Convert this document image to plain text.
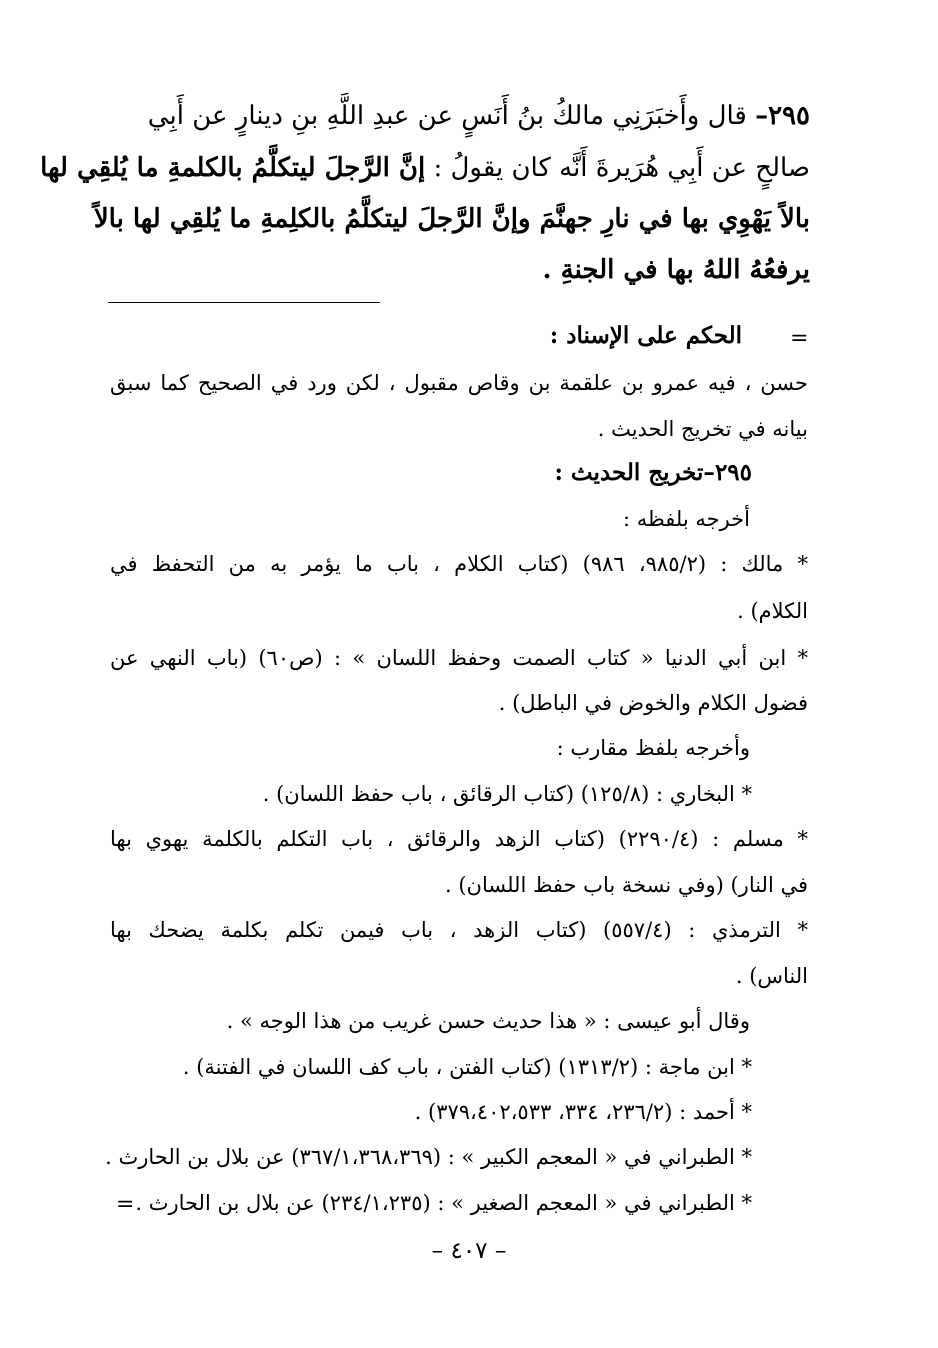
٢٩٥– قال وأَخبَرَنِي مالكُ بنُ أَنَسٍ عن عبدِ اللَّهِ بنِ دينارٍ عن أَبِي
صالحٍ عن أَبِي هُرَيرةَ أَنَّه كان يقولُ : إنَّ الرَّجلَ ليتكلَّمُ بالكلمةِ ما يُلقِي لها
بالاً يَهْوِي بها في نارِ جهنَّمَ وإنَّ الرَّجلَ ليتكلَّمُ بالكلِمةِ ما يُلقِي لها بالاً
يرفعُهُ اللهُ بها في الجنةِ .
=
الحكم على الإسناد :
حسن ، فيه عمرو بن علقمة بن وقاص مقبول ، لكن ورد في الصحيح كما سبق
بيانه في تخريج الحديث .
٢٩٥–تخريج الحديث :
أخرجه بلفظه :
* مالك : (٩٨٥/٢، ٩٨٦) (كتاب الكلام ، باب ما يؤمر به من التحفظ في
الكلام) .
* ابن أبي الدنيا « كتاب الصمت وحفظ اللسان » : (ص٦٠) (باب النهي عن
فضول الكلام والخوض في الباطل) .
وأخرجه بلفظ مقارب :
* البخاري : (١٢٥/٨) (كتاب الرقائق ، باب حفظ اللسان) .
* مسلم : (٢٢٩٠/٤) (كتاب الزهد والرقائق ، باب التكلم بالكلمة يهوي بها
في النار) (وفي نسخة باب حفظ اللسان) .
* الترمذي : (٥٥٧/٤) (كتاب الزهد ، باب فيمن تكلم بكلمة يضحك بها
الناس) .
وقال أبو عيسى : « هذا حديث حسن غريب من هذا الوجه » .
* ابن ماجة : (١٣١٣/٢) (كتاب الفتن ، باب كف اللسان في الفتنة) .
* أحمد : (٢٣٦/٢، ٣٣٤، ٣٧٩،٤٠٢،٥٣٣) .
* الطبراني في « المعجم الكبير » : (٣٦٧/١،٣٦٨،٣٦٩) عن بلال بن الحارث .
* الطبراني في « المعجم الصغير » : (٢٣٤/١،٢٣٥) عن بلال بن الحارث .
=
– ٤٠٧ –
